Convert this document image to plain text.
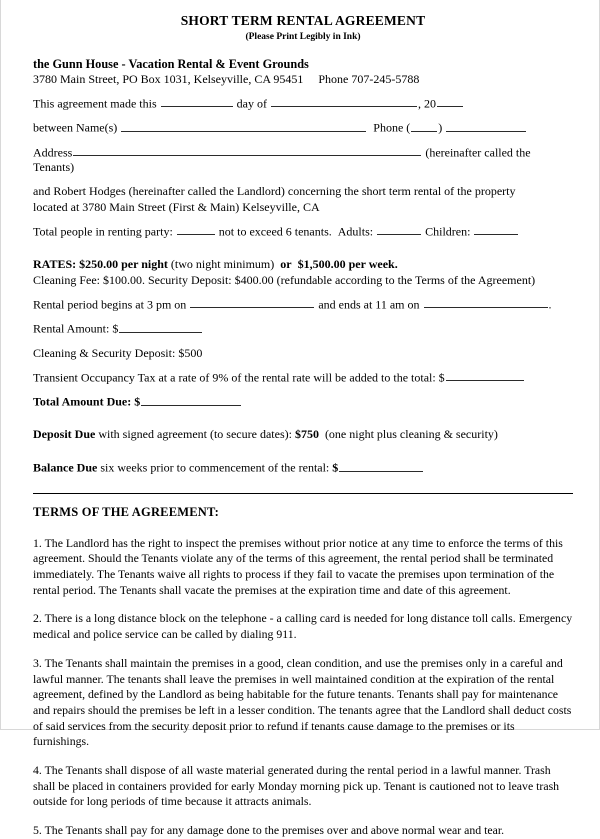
SHORT TERM RENTAL AGREEMENT
(Please Print Legibly in Ink)
the Gunn House - Vacation Rental & Event Grounds
3780 Main Street, PO Box 1031, Kelseyville, CA 95451     Phone 707-245-5788
This agreement made this	day of	, 20
between Name(s)	Phone ( )
Address	(hereinafter called the Tenants)
and Robert Hodges (hereinafter called the Landlord) concerning the short term rental of the property
located at 3780 Main Street (First & Main) Kelseyville, CA
Total people in renting party:	not to exceed 6 tenants. Adults:	Children:
RATES: $250.00 per night (two night minimum) or $1,500.00 per week.
Cleaning Fee: $100.00. Security Deposit: $400.00 (refundable according to the Terms of the Agreement)
Rental period begins at 3 pm on	and ends at 11 am on	.
Rental Amount: $
Cleaning & Security Deposit: $500
Transient Occupancy Tax at a rate of 9% of the rental rate will be added to the total: $
Total Amount Due: $
Deposit Due with signed agreement (to secure dates): $750 (one night plus cleaning & security)
Balance Due six weeks prior to commencement of the rental: $
TERMS OF THE AGREEMENT:
1. The Landlord has the right to inspect the premises without prior notice at any time to enforce the terms of this agreement. Should the Tenants violate any of the terms of this agreement, the rental period shall be terminated immediately. The Tenants waive all rights to process if they fail to vacate the premises upon termination of the rental period. The Tenants shall vacate the premises at the expiration time and date of this agreement.
2. There is a long distance block on the telephone - a calling card is needed for long distance toll calls. Emergency medical and police service can be called by dialing 911.
3. The Tenants shall maintain the premises in a good, clean condition, and use the premises only in a careful and lawful manner. The tenants shall leave the premises in well maintained condition at the expiration of the rental agreement, defined by the Landlord as being habitable for the future tenants. Tenants shall pay for maintenance and repairs should the premises be left in a lesser condition. The tenants agree that the Landlord shall deduct costs of said services from the security deposit prior to refund if tenants cause damage to the premises or its furnishings.
4. The Tenants shall dispose of all waste material generated during the rental period in a lawful manner. Trash shall be placed in containers provided for early Monday morning pick up. Tenant is cautioned not to leave trash outside for long periods of time because it attracts animals.
5. The Tenants shall pay for any damage done to the premises over and above normal wear and tear.
